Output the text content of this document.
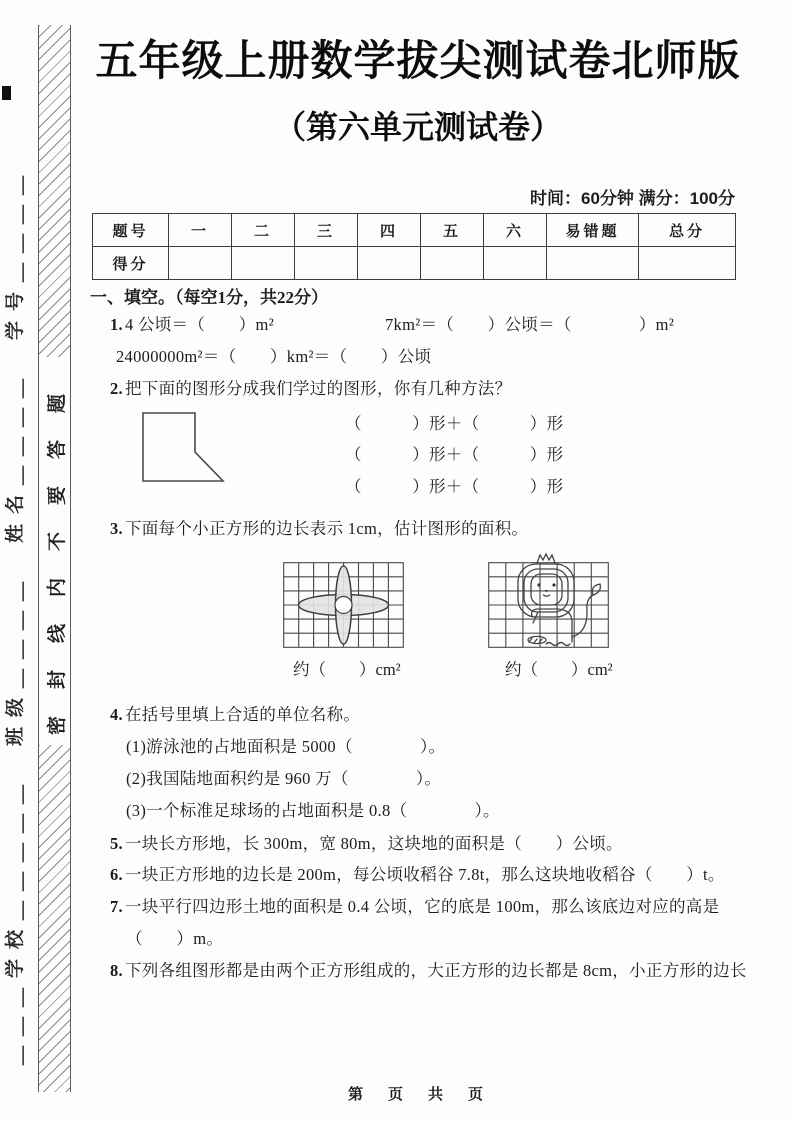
＿＿＿学校＿＿＿＿＿　班级＿＿＿＿　姓名＿＿＿＿　学号＿＿＿＿ 密封线内不要答题
五年级上册数学拔尖测试卷北师版
（第六单元测试卷）
时间：60分钟 满分：100分
题号	一	二	三	四	五	六	易错题	总分
得分								
一、填空。（每空1分，共22分）
1. 4 公顷＝（　　）m²	7km²＝（　　）公顷＝（　　　　）m²
24000000m²＝（　　）km²＝（　　）公顷
2. 把下面的图形分成我们学过的图形，你有几种方法？
（　　　）形＋（　　　）形
（　　　）形＋（　　　）形
（　　　）形＋（　　　）形
3. 下面每个小正方形的边长表示 1cm，估计图形的面积。
约（　　）cm²	约（　　）cm²
4. 在括号里填上合适的单位名称。
(1)游泳池的占地面积是 5000（　　　　）。
(2)我国陆地面积约是 960 万（　　　　）。
(3)一个标准足球场的占地面积是 0.8（　　　　）。
5. 一块长方形地，长 300m，宽 80m，这块地的面积是（　　）公顷。
6. 一块正方形地的边长是 200m，每公顷收稻谷 7.8t，那么这块地收稻谷（　　）t。
7. 一块平行四边形土地的面积是 0.4 公顷，它的底是 100m，那么该底边对应的高是
（　　）m。
8. 下列各组图形都是由两个正方形组成的，大正方形的边长都是 8cm，小正方形的边长
第　页　共　页
